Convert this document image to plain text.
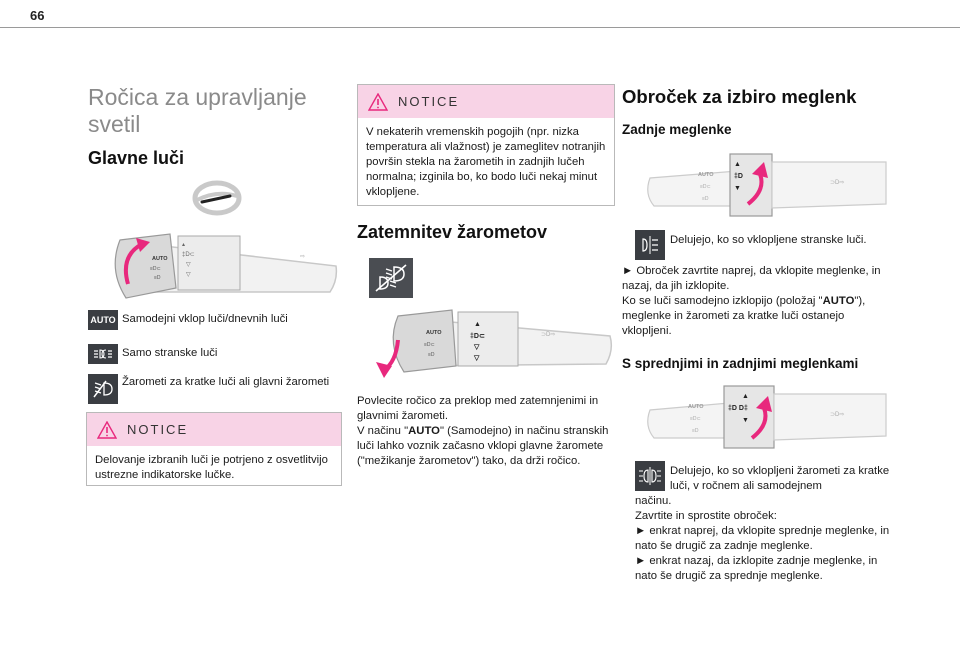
66
Ročica za upravljanje svetil
Glavne luči
AUTO
≡D⊂
≡D
▴
‡D⊂
▽
▽
⇨
AUTO Samodejni vklop luči/dnevnih luči
Samo stranske luči
Žarometi za kratke luči ali glavni žarometi
NOTICE
Delovanje izbranih luči je potrjeno z osvetlitvijo ustrezne indikatorske lučke.
NOTICE
V nekaterih vremenskih pogojih (npr. nizka temperatura ali vlažnost) je zameglitev notranjih površin stekla na žarometih in zadnjih lučeh normalna; izginila bo, ko bodo luči nekaj minut vklopljene.
Zatemnitev žarometov
AUTO
≡D⊂
≡D
▲
‡D⊂
▽
▽
⊃D⇨
Povlecite ročico za preklop med zatemnjenimi in glavnimi žarometi.
V načinu "AUTO" (Samodejno) in načinu stranskih luči lahko voznik začasno vklopi glavne žaromete ("mežikanje žarometov") tako, da drži ročico.
Obroček za izbiro meglenk
Zadnje meglenke
AUTO
≡D⊂
≡D
▲
‡D
▼
⊃D⇨
Delujejo, ko so vklopljene stranske luči.
► Obroček zavrtite naprej, da vklopite meglenke, in nazaj, da jih izklopite.
Ko se luči samodejno izklopijo (položaj "AUTO"), meglenke in žarometi za kratke luči ostanejo vklopljeni.
S sprednjimi in zadnjimi meglenkami
AUTO
≡D⊂
≡D
▲
‡D D‡
▼
⊃D⇨
Delujejo, ko so vklopljeni žarometi za kratke luči, v ročnem ali samodejnem
načinu.
Zavrtite in sprostite obroček:
► enkrat naprej, da vklopite sprednje meglenke, in nato še drugič za zadnje meglenke.
► enkrat nazaj, da izklopite zadnje meglenke, in nato še drugič za sprednje meglenke.
